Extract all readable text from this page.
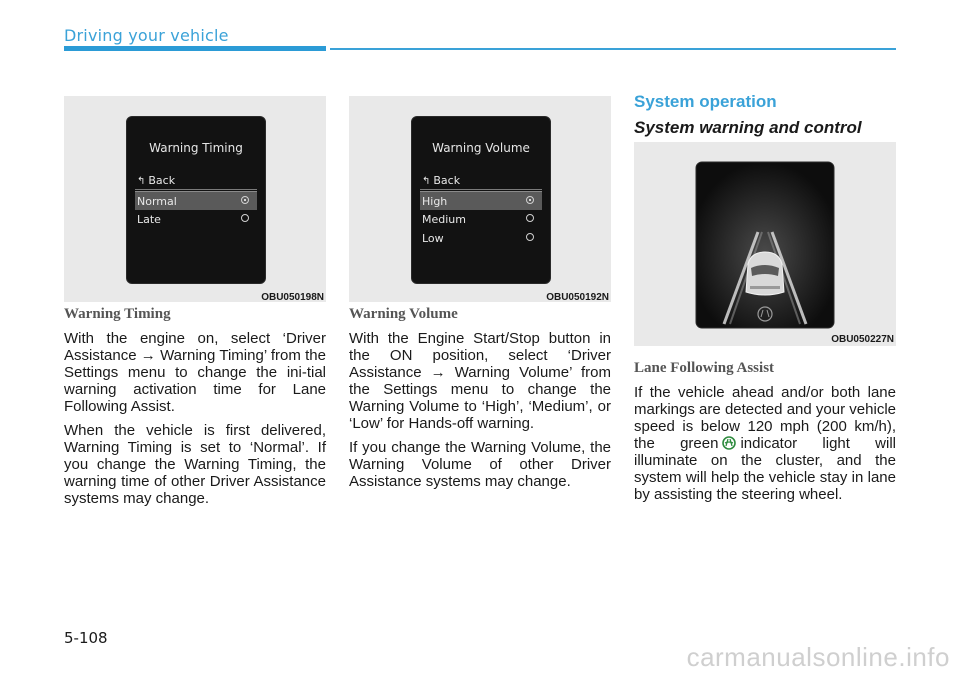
Driving your vehicle
Warning Timing
↰ Back
Normal
Late
OBU050198N
Warning Volume
↰ Back
High
Medium
Low
OBU050192N
OBU050227N
Warning Timing

With the engine on, select ‘Driver Assistance → Warning Timing’ from the Settings menu to change the ini-tial warning activation time for Lane Following Assist.

When the vehicle is first delivered, Warning Timing is set to ‘Normal’. If you change the Warning Timing, the warning time of other Driver Assistance systems may change.

Warning Volume

With the Engine Start/Stop button in the ON position, select ‘Driver Assistance → Warning Volume’ from the Settings menu to change the Warning Volume to ‘High’, ‘Medium’, or ‘Low’ for Hands-off warning.

If you change the Warning Volume, the Warning Volume of other Driver Assistance systems may change.

System operation
System warning and control
Lane Following Assist

If the vehicle ahead and/or both lane markings are detected and your vehicle speed is below 120 mph (200 km/h), the green indicator light will illuminate on the cluster, and the system will help the vehicle stay in lane by assisting the steering wheel.

5-108
carmanualsonline.info
